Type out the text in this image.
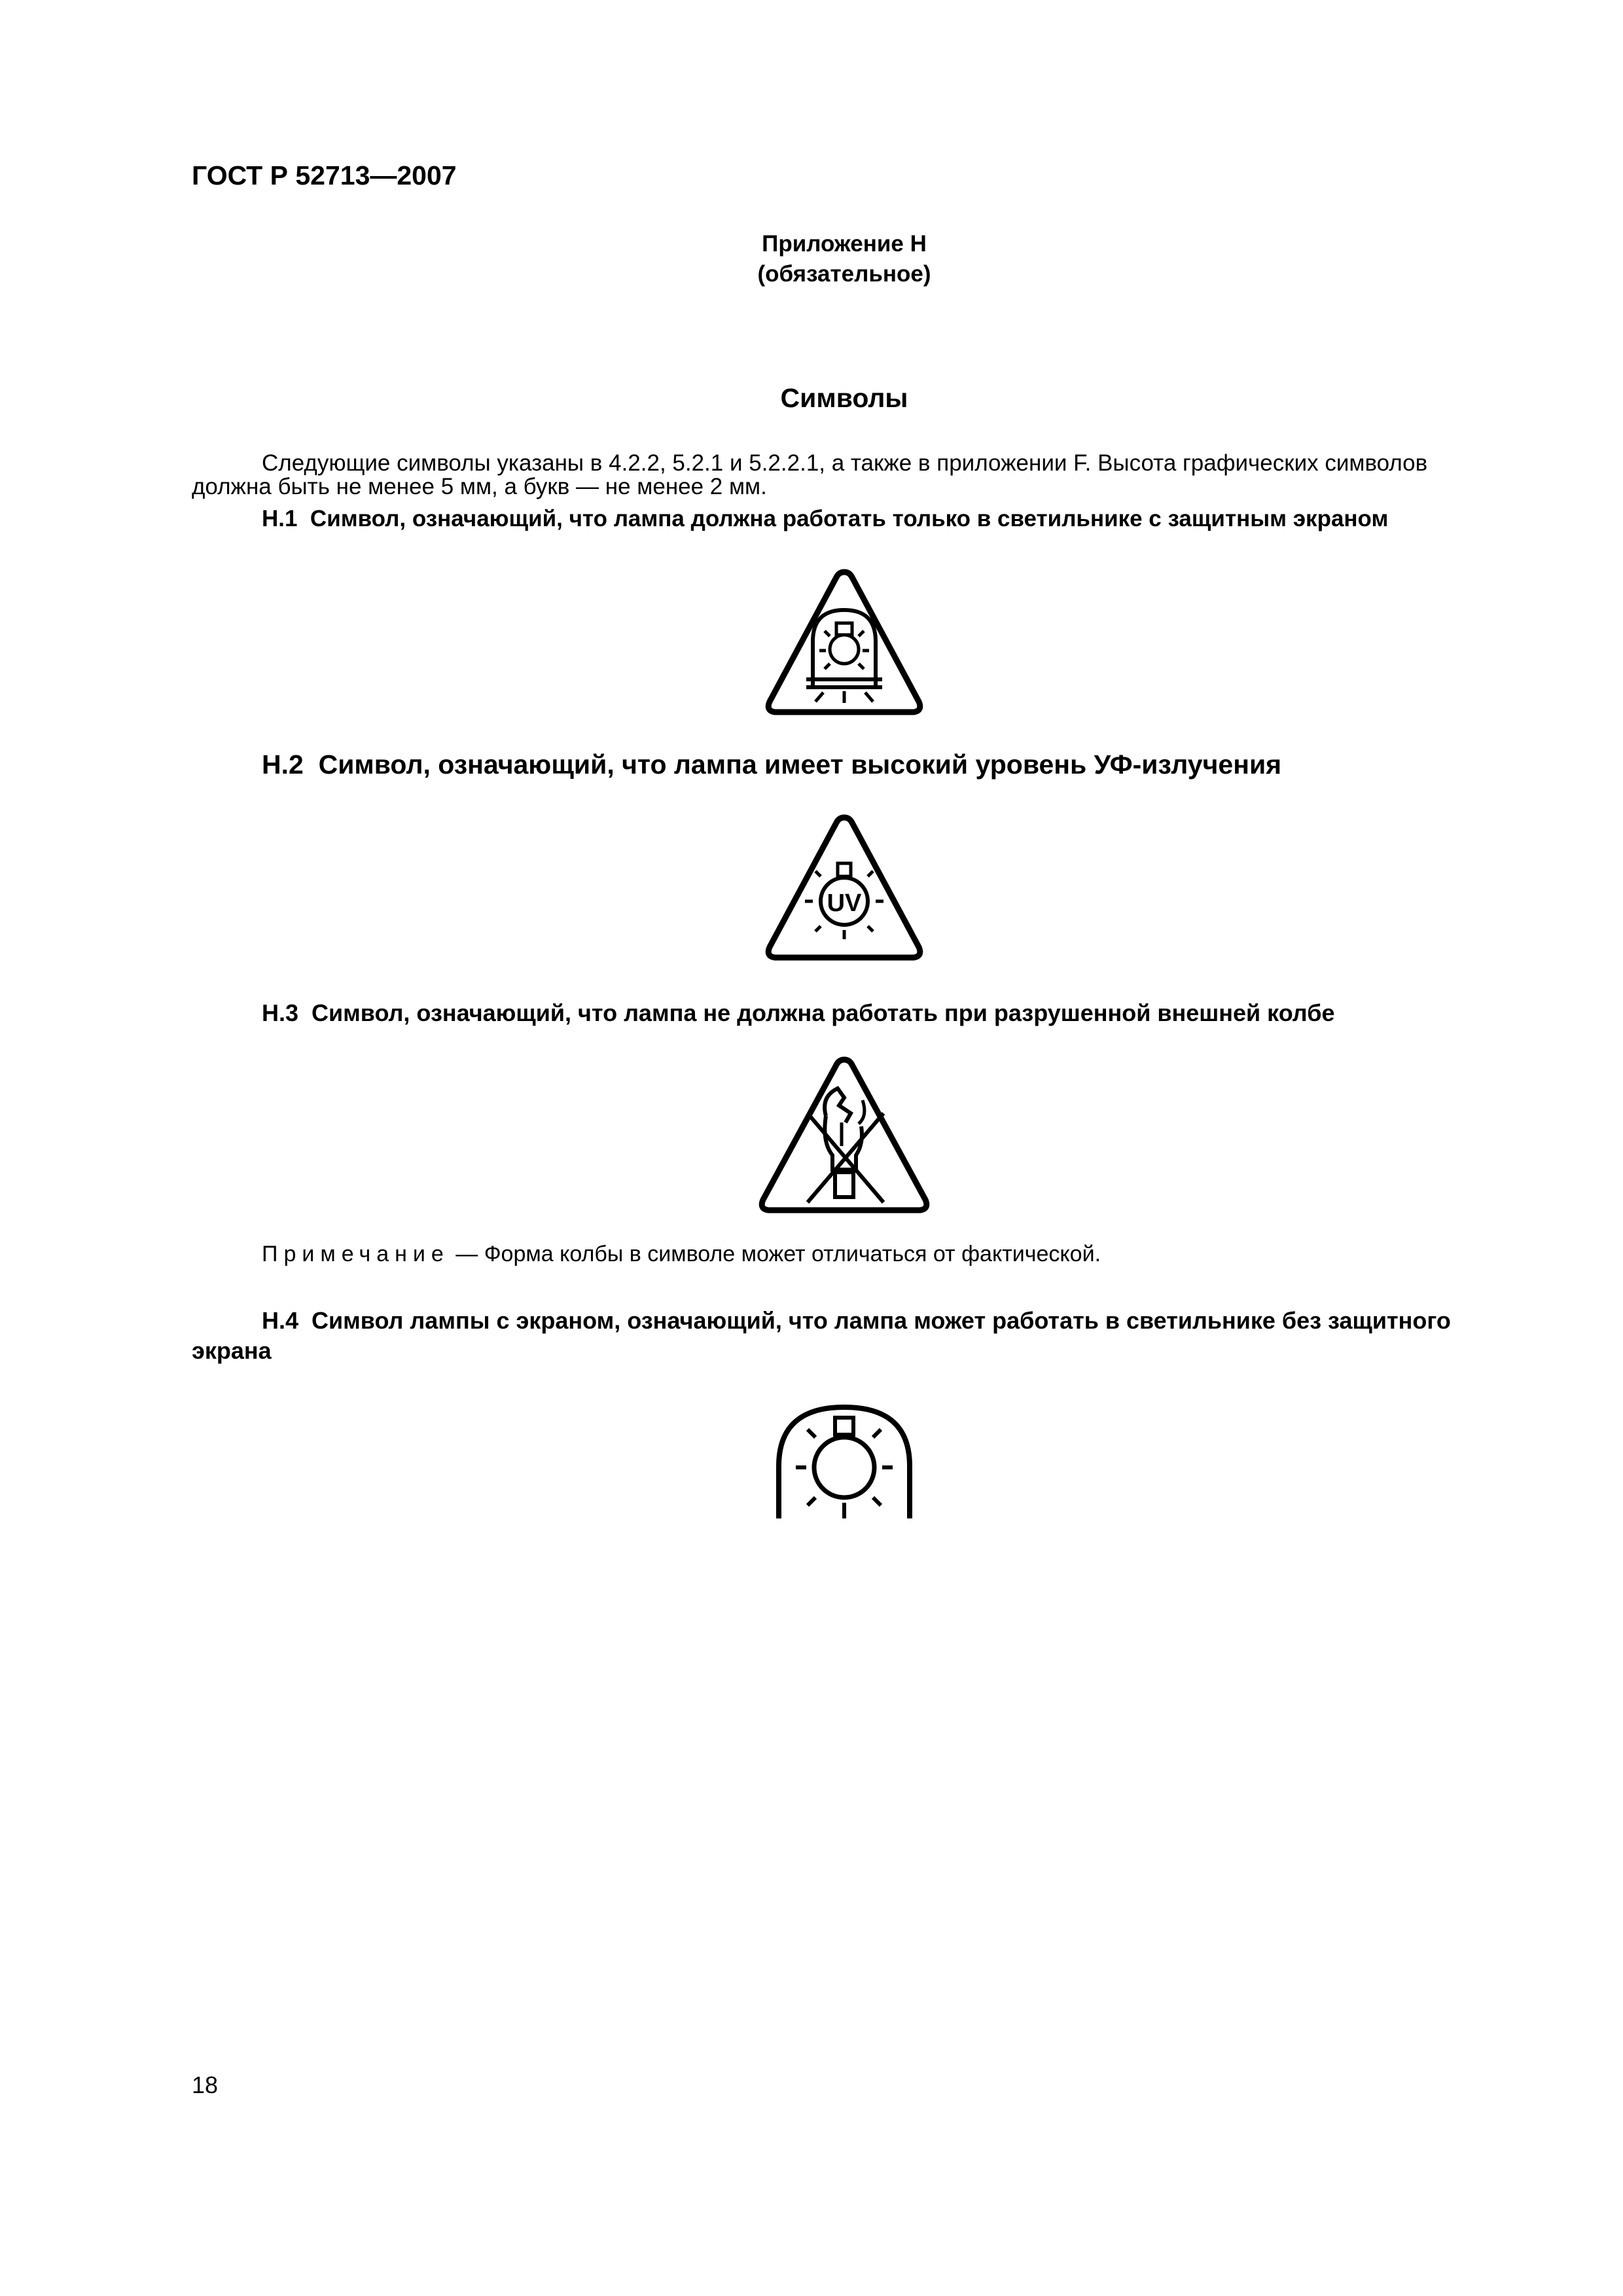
ГОСТ Р 52713—2007
Приложение Н
(обязательное)
Символы
Следующие символы указаны в 4.2.2, 5.2.1 и 5.2.2.1, а также в приложении F. Высота графических символов
должна быть не менее 5 мм, а букв — не менее 2 мм.
Н.1 Символ, означающий, что лампа должна работать только в светильнике с защитным экраном
Н.2 Символ, означающий, что лампа имеет высокий уровень УФ-излучения
UV
Н.3 Символ, означающий, что лампа не должна работать при разрушенной внешней колбе
Примечание — Форма колбы в символе может отличаться от фактической.
Н.4 Символ лампы с экраном, означающий, что лампа может работать в светильнике без защитного
экрана
18
